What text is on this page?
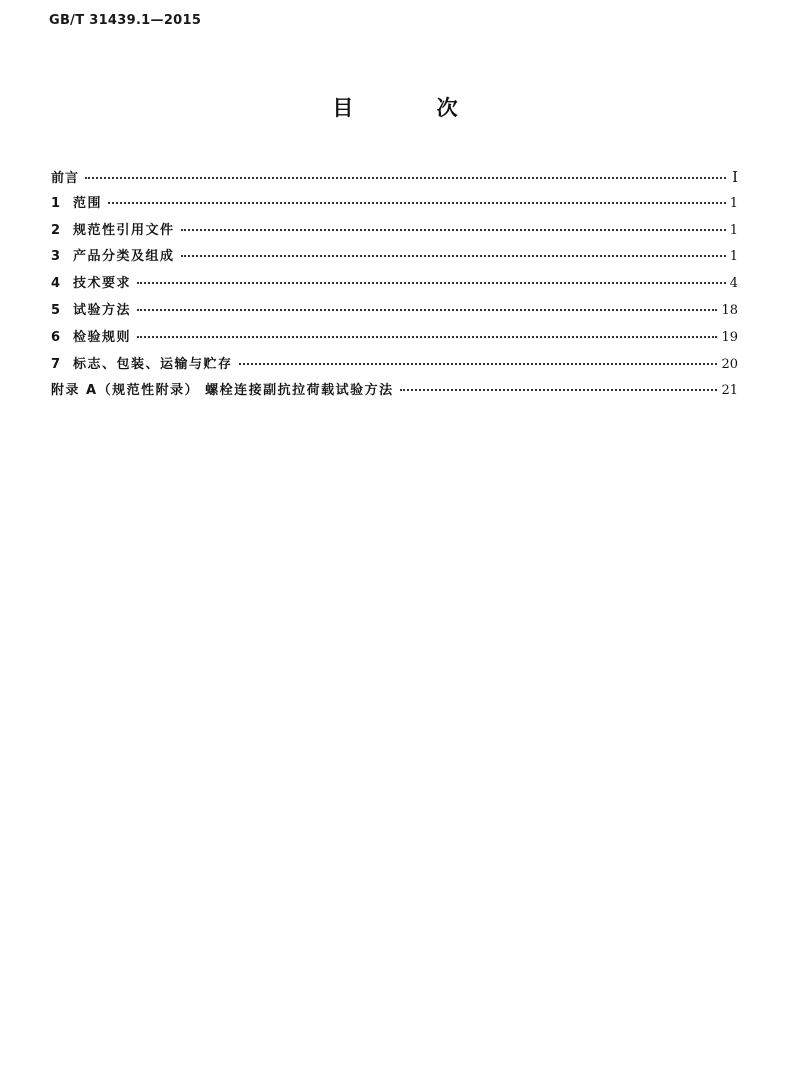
GB/T 31439.1—2015
目 次
前言	Ⅰ
1 范围	1
2 规范性引用文件	1
3 产品分类及组成	1
4 技术要求	4
5 试验方法	18
6 检验规则	19
7 标志、包装、运输与贮存	20
附录 A（规范性附录） 螺栓连接副抗拉荷载试验方法	21
